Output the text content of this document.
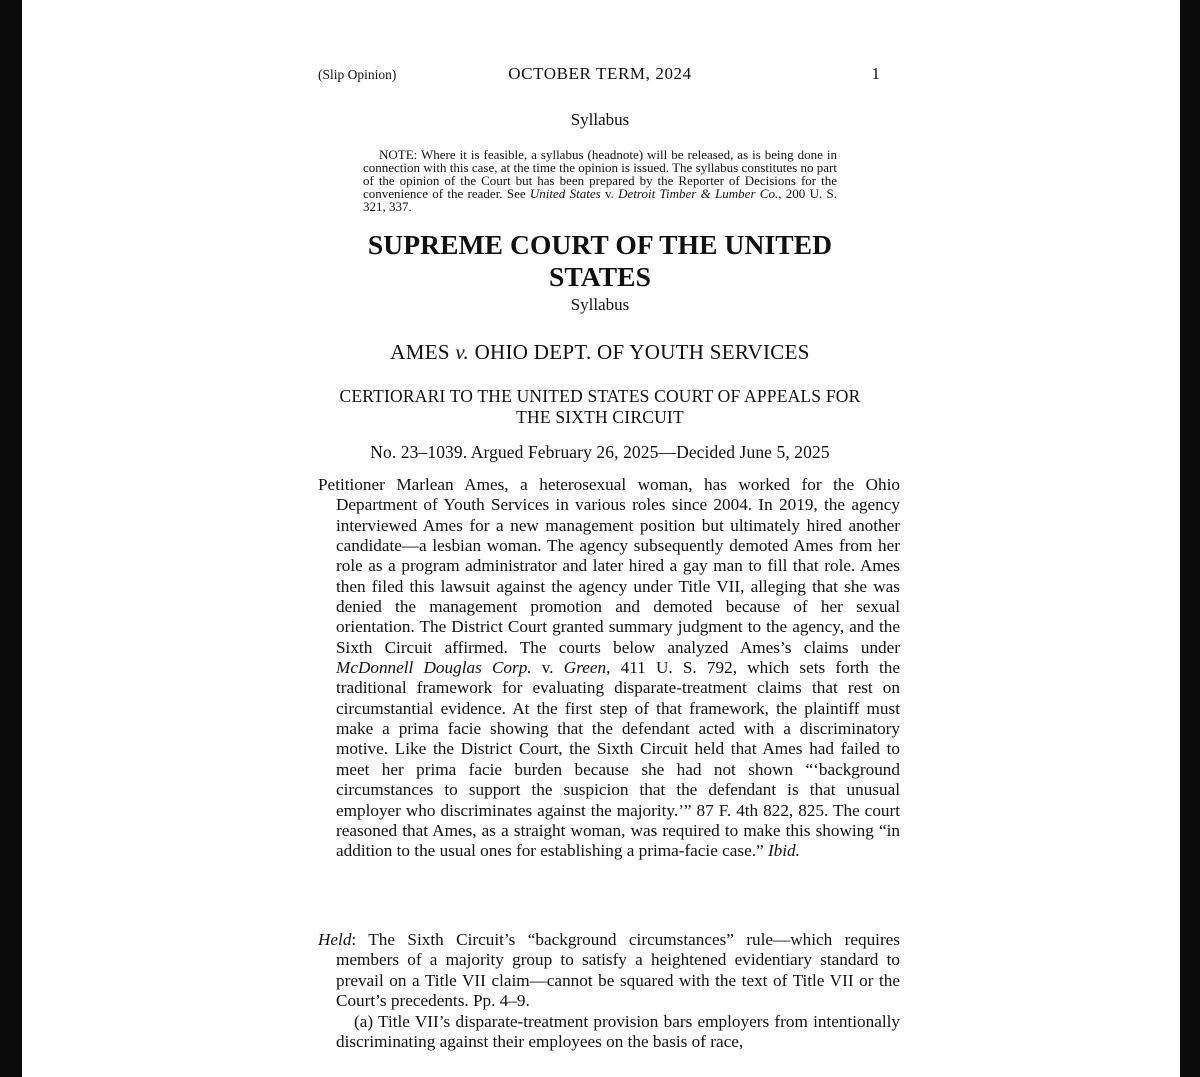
(Slip Opinion)	OCTOBER TERM, 2024	1
Syllabus
NOTE: Where it is feasible, a syllabus (headnote) will be released, as is being done in connection with this case, at the time the opinion is issued. The syllabus constitutes no part of the opinion of the Court but has been prepared by the Reporter of Decisions for the convenience of the reader. See United States v. Detroit Timber & Lumber Co., 200 U. S. 321, 337.
SUPREME COURT OF THE UNITED STATES
Syllabus
AMES v. OHIO DEPT. OF YOUTH SERVICES
CERTIORARI TO THE UNITED STATES COURT OF APPEALS FOR
THE SIXTH CIRCUIT
No. 23–1039. Argued February 26, 2025—Decided June 5, 2025
Petitioner Marlean Ames, a heterosexual woman, has worked for the Ohio Department of Youth Services in various roles since 2004. In 2019, the agency interviewed Ames for a new management position but ultimately hired another candidate—a lesbian woman. The agency subsequently demoted Ames from her role as a program administrator and later hired a gay man to fill that role. Ames then filed this lawsuit against the agency under Title VII, alleging that she was denied the management promotion and demoted because of her sexual orientation. The District Court granted summary judgment to the agency, and the Sixth Circuit affirmed. The courts below analyzed Ames’s claims under McDonnell Douglas Corp. v. Green, 411 U. S. 792, which sets forth the traditional framework for evaluating disparate-treatment claims that rest on circumstantial evidence. At the first step of that framework, the plaintiff must make a prima facie showing that the defendant acted with a discriminatory motive. Like the District Court, the Sixth Circuit held that Ames had failed to meet her prima facie burden because she had not shown “‘background circumstances to support the suspicion that the defendant is that unusual employer who discriminates against the majority.’” 87 F. 4th 822, 825. The court reasoned that Ames, as a straight woman, was required to make this showing “in addition to the usual ones for establishing a prima-facie case.” Ibid.
Held: The Sixth Circuit’s “background circumstances” rule—which requires members of a majority group to satisfy a heightened evidentiary standard to prevail on a Title VII claim—cannot be squared with the text of Title VII or the Court’s precedents. Pp. 4–9.
(a) Title VII’s disparate-treatment provision bars employers from intentionally discriminating against their employees on the basis of race,
